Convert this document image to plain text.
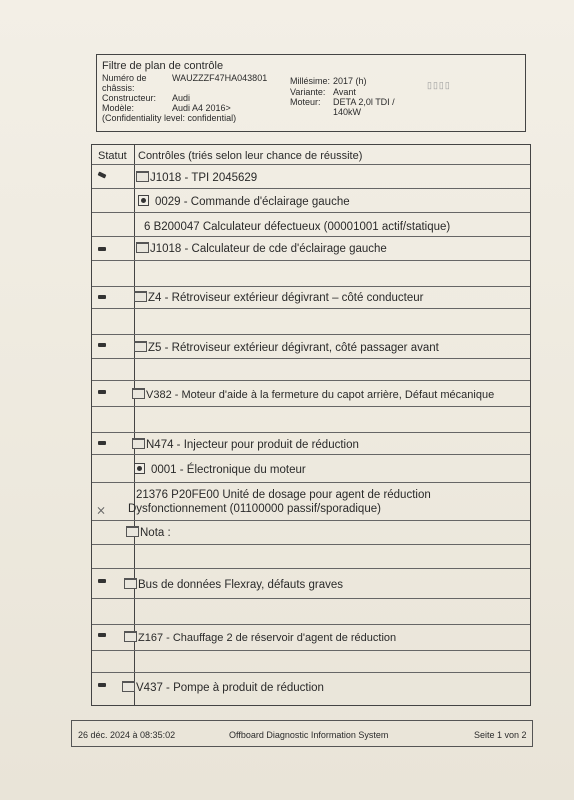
Filtre de plan de contrôle
Numéro de châssis:
WAUZZZF47HA043801	Millésime: 2017 (h)
Constructeur:	Audi
Variante: Avant
Modèle:	Audi A4 2016>
Moteur: DETA 2,0l TDI / 140kW
(Confidentiality level: confidential)
▯▯▯▯
Statut Contrôles (triés selon leur chance de réussite)
J1018 - TPI 2045629
0029 - Commande d'éclairage gauche
6 B200047 Calculateur défectueux (00001001 actif/statique)
J1018 - Calculateur de cde d'éclairage gauche
Z4 - Rétroviseur extérieur dégivrant – côté conducteur
Z5 - Rétroviseur extérieur dégivrant, côté passager avant
V382 - Moteur d'aide à la fermeture du capot arrière, Défaut mécanique
N474 - Injecteur pour produit de réduction
0001 - Électronique du moteur
⨯
21376 P20FE00 Unité de dosage pour agent de réduction
Dysfonctionnement (01100000 passif/sporadique)
Nota :
Bus de données Flexray, défauts graves
Z167 - Chauffage 2 de réservoir d'agent de réduction
V437 - Pompe à produit de réduction
26 déc. 2024 à 08:35:02	Offboard Diagnostic Information System	Seite 1 von 2
